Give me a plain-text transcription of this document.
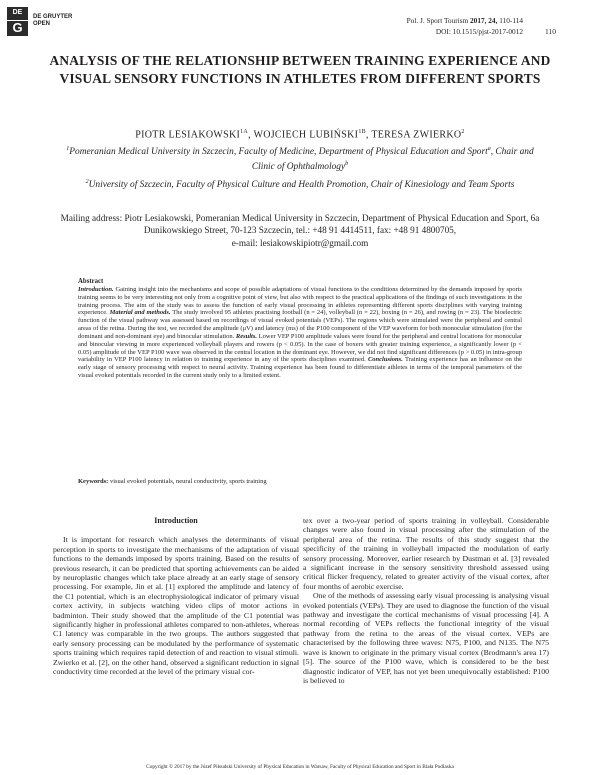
DE
G
DE GRUYTER
OPEN	Pol. J. Sport Tourism 2017, 24, 110-114
DOI: 10.1515/pjst-2017-0012	110
ANALYSIS OF THE RELATIONSHIP BETWEEN TRAINING EXPERIENCE AND VISUAL SENSORY FUNCTIONS IN ATHLETES FROM DIFFERENT SPORTS
PIOTR $LESIAKOWSKI^{1A}$, WOJCIECH $LUBIŃSKI^{1B}$, TERESA ZWIERKO$^2$
$^1$Pomeranian Medical University in Szczecin, Faculty of Medicine, Department of Physical Education and Sport$^a$, Chair and Clinic of Ophthalmology$^b$
$^2$University of Szczecin, Faculty of Physical Culture and Health Promotion, Chair of Kinesiology and Team Sports
Mailing address: Piotr Lesiakowski, Pomeranian Medical University in Szczecin, Department of Physical Education and Sport, 6a Dunikowskiego Street, 70-123 Szczecin, tel.: +48 91 4414511, fax: +48 91 4800705,
e-mail: lesiakowskipiotr@gmail.com
Abstract
Introduction. Gaining insight into the mechanisms and scope of possible adaptations of visual functions to the conditions determined by the demands imposed by sports training seems to be very interesting not only from a cognitive point of view, but also with respect to the practical applications of the findings of such investigations in the training process. The aim of the study was to assess the function of early visual processing in athletes representing different sports disciplines with varying training experience. Material and methods. The study involved 95 athletes practising football (n = 24), volleyball (n = 22), boxing (n = 26), and rowing (n = 23). The bioelectric function of the visual pathway was assessed based on recordings of visual evoked potentials (VEPs). The regions which were stimulated were the peripheral and central areas of the retina. During the test, we recorded the amplitude (μV) and latency (ms) of the P100 component of the VEP waveform for both monocular stimulation (for the dominant and non-dominant eye) and binocular stimulation. Results. Lower VEP P100 amplitude values were found for the peripheral and central locations for monocular and binocular viewing in more experienced volleyball players and rowers (p < 0.05). In the case of boxers with greater training experience, a significantly lower (p < 0.05) amplitude of the VEP P100 wave was observed in the central location in the dominant eye. However, we did not find significant differences (p > 0.05) in intra-group variability in VEP P100 latency in relation to training experience in any of the sports disciplines examined. Conclusions. Training experience has an influence on the early stage of sensory processing with respect to neural activity. Training experience has been found to differentiate athletes in terms of the temporal parameters of the visual evoked potentials recorded in the current study only to a limited extent.
Keywords: visual evoked potentials, neural conductivity, sports training
Introduction

It is important for research which analyses the determinants of visual perception in sports to investigate the mechanisms of the adaptation of visual functions to the demands imposed by sports training. Based on the results of previous research, it can be predicted that sporting achievements can be aided by neuroplastic changes which take place already at an early stage of sensory processing. For example, Jin et al. [1] explored the amplitude and latency of the C1 potential, which is an electrophysiological indicator of primary visual cortex activity, in subjects watching video clips of motor actions in badminton. Their study showed that the amplitude of the C1 potential was significantly higher in professional athletes compared to non-athletes, whereas C1 latency was comparable in the two groups. The authors suggested that early sensory processing can be modulated by the performance of systematic sports training which requires rapid detection of and reaction to visual stimuli. Zwierko et al. [2], on the other hand, observed a significant reduction in signal conductivity time recorded at the level of the primary visual cor-

tex over a two-year period of sports training in volleyball. Considerable changes were also found in visual processing after the stimulation of the peripheral area of the retina. The results of this study suggest that the specificity of the training in volleyball impacted the modulation of early sensory processing. Moreover, earlier research by Dustman et al. [3] revealed a significant increase in the sensory sensitivity threshold assessed using critical flicker frequency, related to greater activity of the visual cortex, after four months of aerobic exercise.

One of the methods of assessing early visual processing is analysing visual evoked potentials (VEPs). They are used to diagnose the function of the visual pathway and investigate the cortical mechanisms of visual processing [4]. A normal recording of VEPs reflects the functional integrity of the visual pathway from the retina to the areas of the visual cortex. VEPs are characterised by the following three waves: N75, P100, and N135. The N75 wave is known to originate in the primary visual cortex (Brodmann's area 17) [5]. The source of the P100 wave, which is considered to be the best diagnostic indicator of VEP, has not yet been unequivocally established: P100 is believed to

Copyright © 2017 by the Józef Piłsudski University of Physical Education in Warsaw, Faculty of Physical Education and Sport in Biała Podlaska
